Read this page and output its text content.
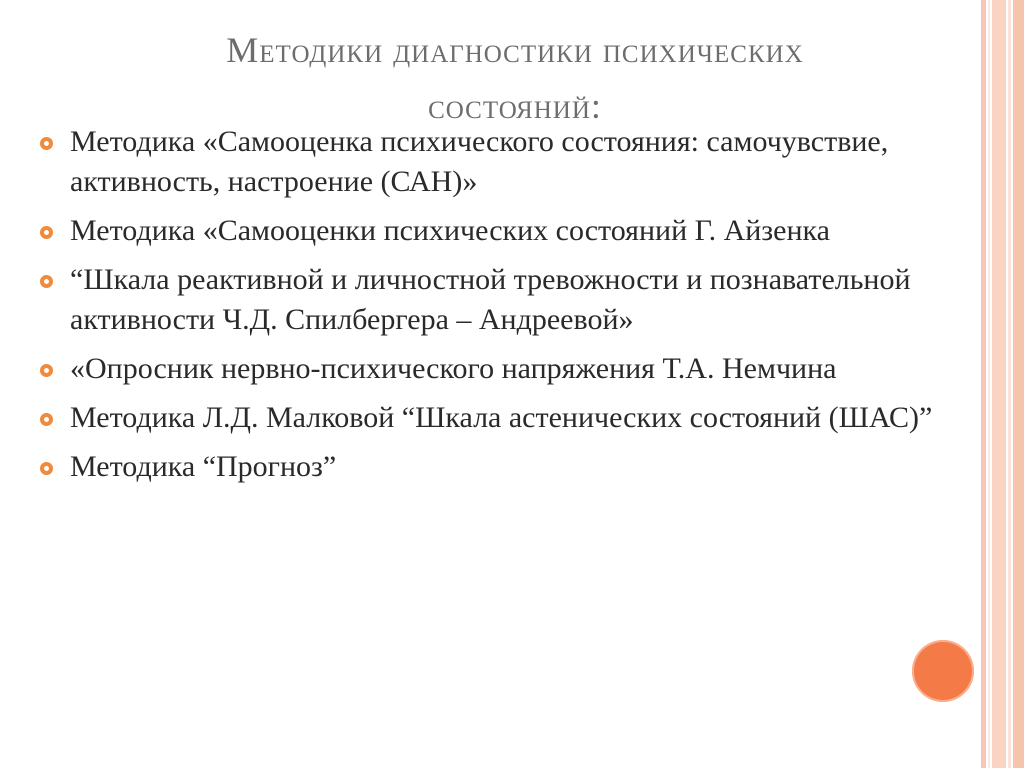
Методики диагностики психических
состояний:
Методика «Самооценка психического состояния: самочувствие, активность, настроение (САН)»
Методика «Самооценки психических состояний Г. Айзенка
“Шкала реактивной и личностной тревожности и познавательной активности Ч.Д. Спилбергера – Андреевой»
«Опросник нервно-психического напряжения Т.А. Немчина
Методика Л.Д. Малковой “Шкала астенических состояний (ШАС)”
Методика “Прогноз”
